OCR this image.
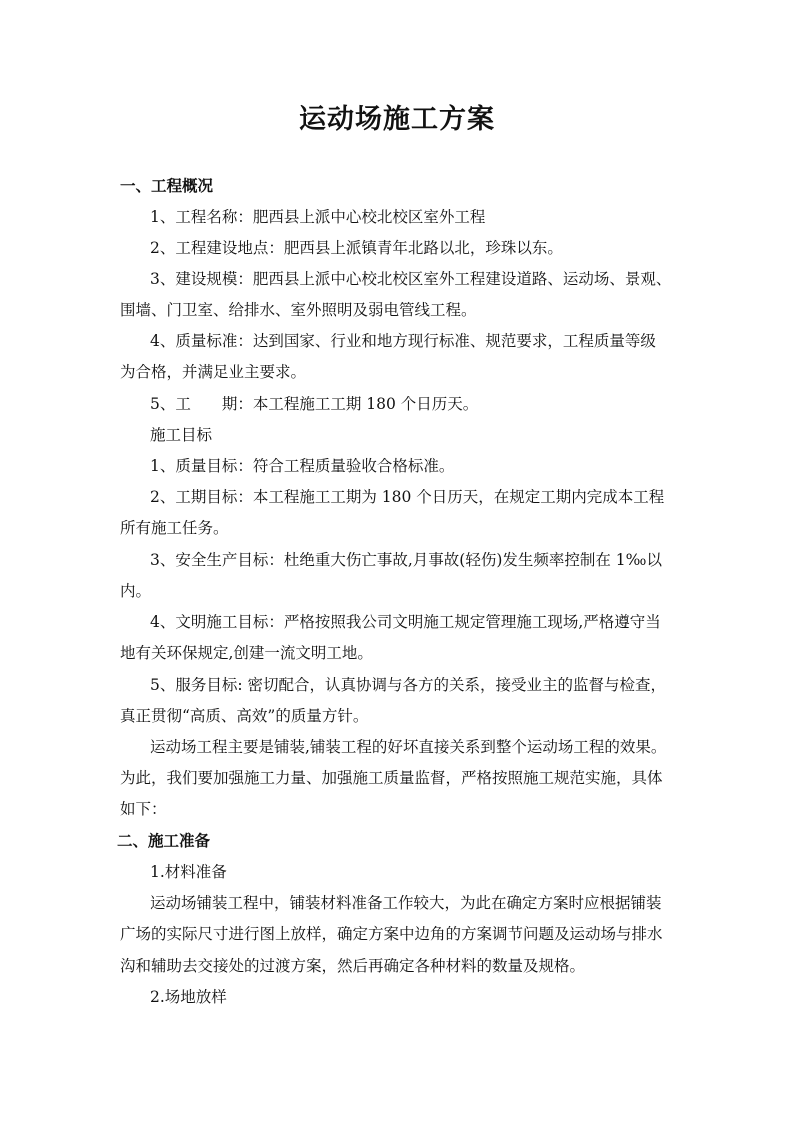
运动场施工方案
一、工程概况
1、工程名称：肥西县上派中心校北校区室外工程
2、工程建设地点：肥西县上派镇青年北路以北，珍珠以东。
3、建设规模：肥西县上派中心校北校区室外工程建设道路、运动场、景观、
围墙、门卫室、给排水、室外照明及弱电管线工程。
4、质量标准：达到国家、行业和地方现行标准、规范要求，工程质量等级
为合格，并满足业主要求。
5、工　　期：本工程施工工期 180 个日历天。
施工目标
1、质量目标：符合工程质量验收合格标准。
2、工期目标：本工程施工工期为 180 个日历天，在规定工期内完成本工程
所有施工任务。
3、安全生产目标：杜绝重大伤亡事故,月事故(轻伤)发生频率控制在 1‰以
内。
4、文明施工目标：严格按照我公司文明施工规定管理施工现场,严格遵守当
地有关环保规定,创建一流文明工地。
5、服务目标: 密切配合，认真协调与各方的关系，接受业主的监督与检查，
真正贯彻“高质、高效”的质量方针。
运动场工程主要是铺装,铺装工程的好坏直接关系到整个运动场工程的效果。
为此，我们要加强施工力量、加强施工质量监督，严格按照施工规范实施，具体
如下：
二、施工准备
1.材料准备
运动场铺装工程中，铺装材料准备工作较大，为此在确定方案时应根据铺装
广场的实际尺寸进行图上放样，确定方案中边角的方案调节问题及运动场与排水
沟和辅助去交接处的过渡方案，然后再确定各种材料的数量及规格。
2.场地放样
